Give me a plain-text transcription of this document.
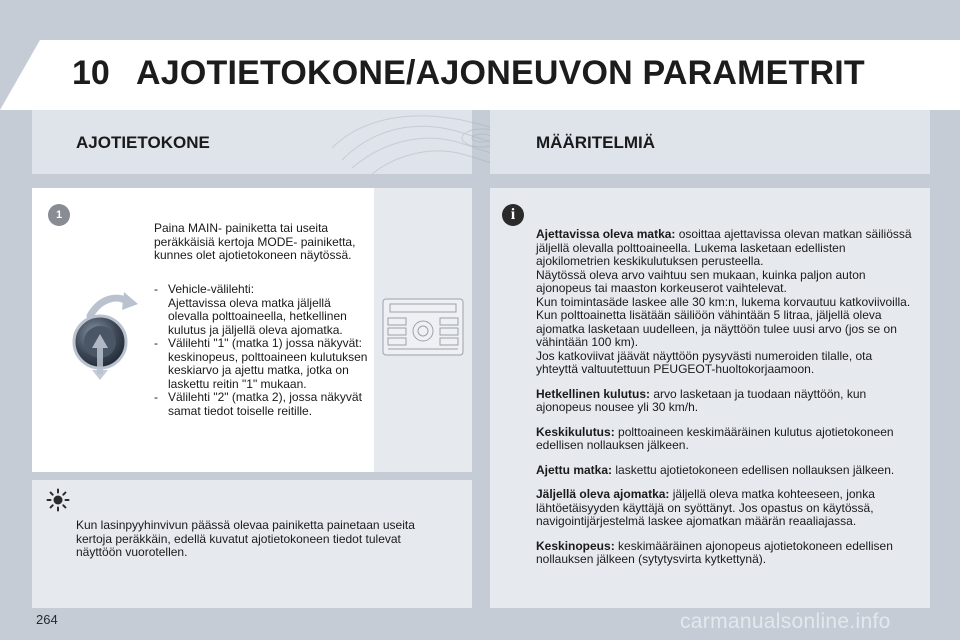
10 AJOTIETOKONE/AJONEUVON PARAMETRIT
AJOTIETOKONE	MÄÄRITELMIÄ
1	i
Paina MAIN- painiketta tai useita peräkkäisiä kertoja MODE- painiketta, kunnes olet ajotietokoneen näytössä.
- Vehicle-välilehti:
Ajettavissa oleva matka jäljellä olevalla polttoaineella, hetkellinen kulutus ja jäljellä oleva ajomatka.
- Välilehti "1" (matka 1) jossa näkyvät:
keskinopeus, polttoaineen kulutuksen keskiarvo ja ajettu matka, jotka on laskettu reitin "1" mukaan.
- Välilehti "2" (matka 2), jossa näkyvät samat tiedot toiselle reitille.
Kun lasinpyyhinvivun päässä olevaa painiketta painetaan useita kertoja peräkkäin, edellä kuvatut ajotietokoneen tiedot tulevat näyttöön vuorotellen.
Ajettavissa oleva matka: osoittaa ajettavissa olevan matkan säiliössä jäljellä olevalla polttoaineella. Lukema lasketaan edellisten ajokilometrien keskikulutuksen perusteella.
Näytössä oleva arvo vaihtuu sen mukaan, kuinka paljon auton ajonopeus tai maaston korkeuserot vaihtelevat.
Kun toimintasäde laskee alle 30 km:n, lukema korvautuu katkoviivoilla. Kun polttoainetta lisätään säiliöön vähintään 5 litraa, jäljellä oleva ajomatka lasketaan uudelleen, ja näyttöön tulee uusi arvo (jos se on vähintään 100 km).
Jos katkoviivat jäävät näyttöön pysyvästi numeroiden tilalle, ota yhteyttä valtuutettuun PEUGEOT-huoltokorjaamoon.
Hetkellinen kulutus: arvo lasketaan ja tuodaan näyttöön, kun ajonopeus nousee yli 30 km/h.
Keskikulutus: polttoaineen keskimääräinen kulutus ajotietokoneen edellisen nollauksen jälkeen.
Ajettu matka: laskettu ajotietokoneen edellisen nollauksen jälkeen.
Jäljellä oleva ajomatka: jäljellä oleva matka kohteeseen, jonka lähtöetäisyyden käyttäjä on syöttänyt. Jos opastus on käytössä, navigointijärjestelmä laskee ajomatkan määrän reaaliajassa.
Keskinopeus: keskimääräinen ajonopeus ajotietokoneen edellisen nollauksen jälkeen (sytytysvirta kytkettynä).
264	carmanualsonline.info
